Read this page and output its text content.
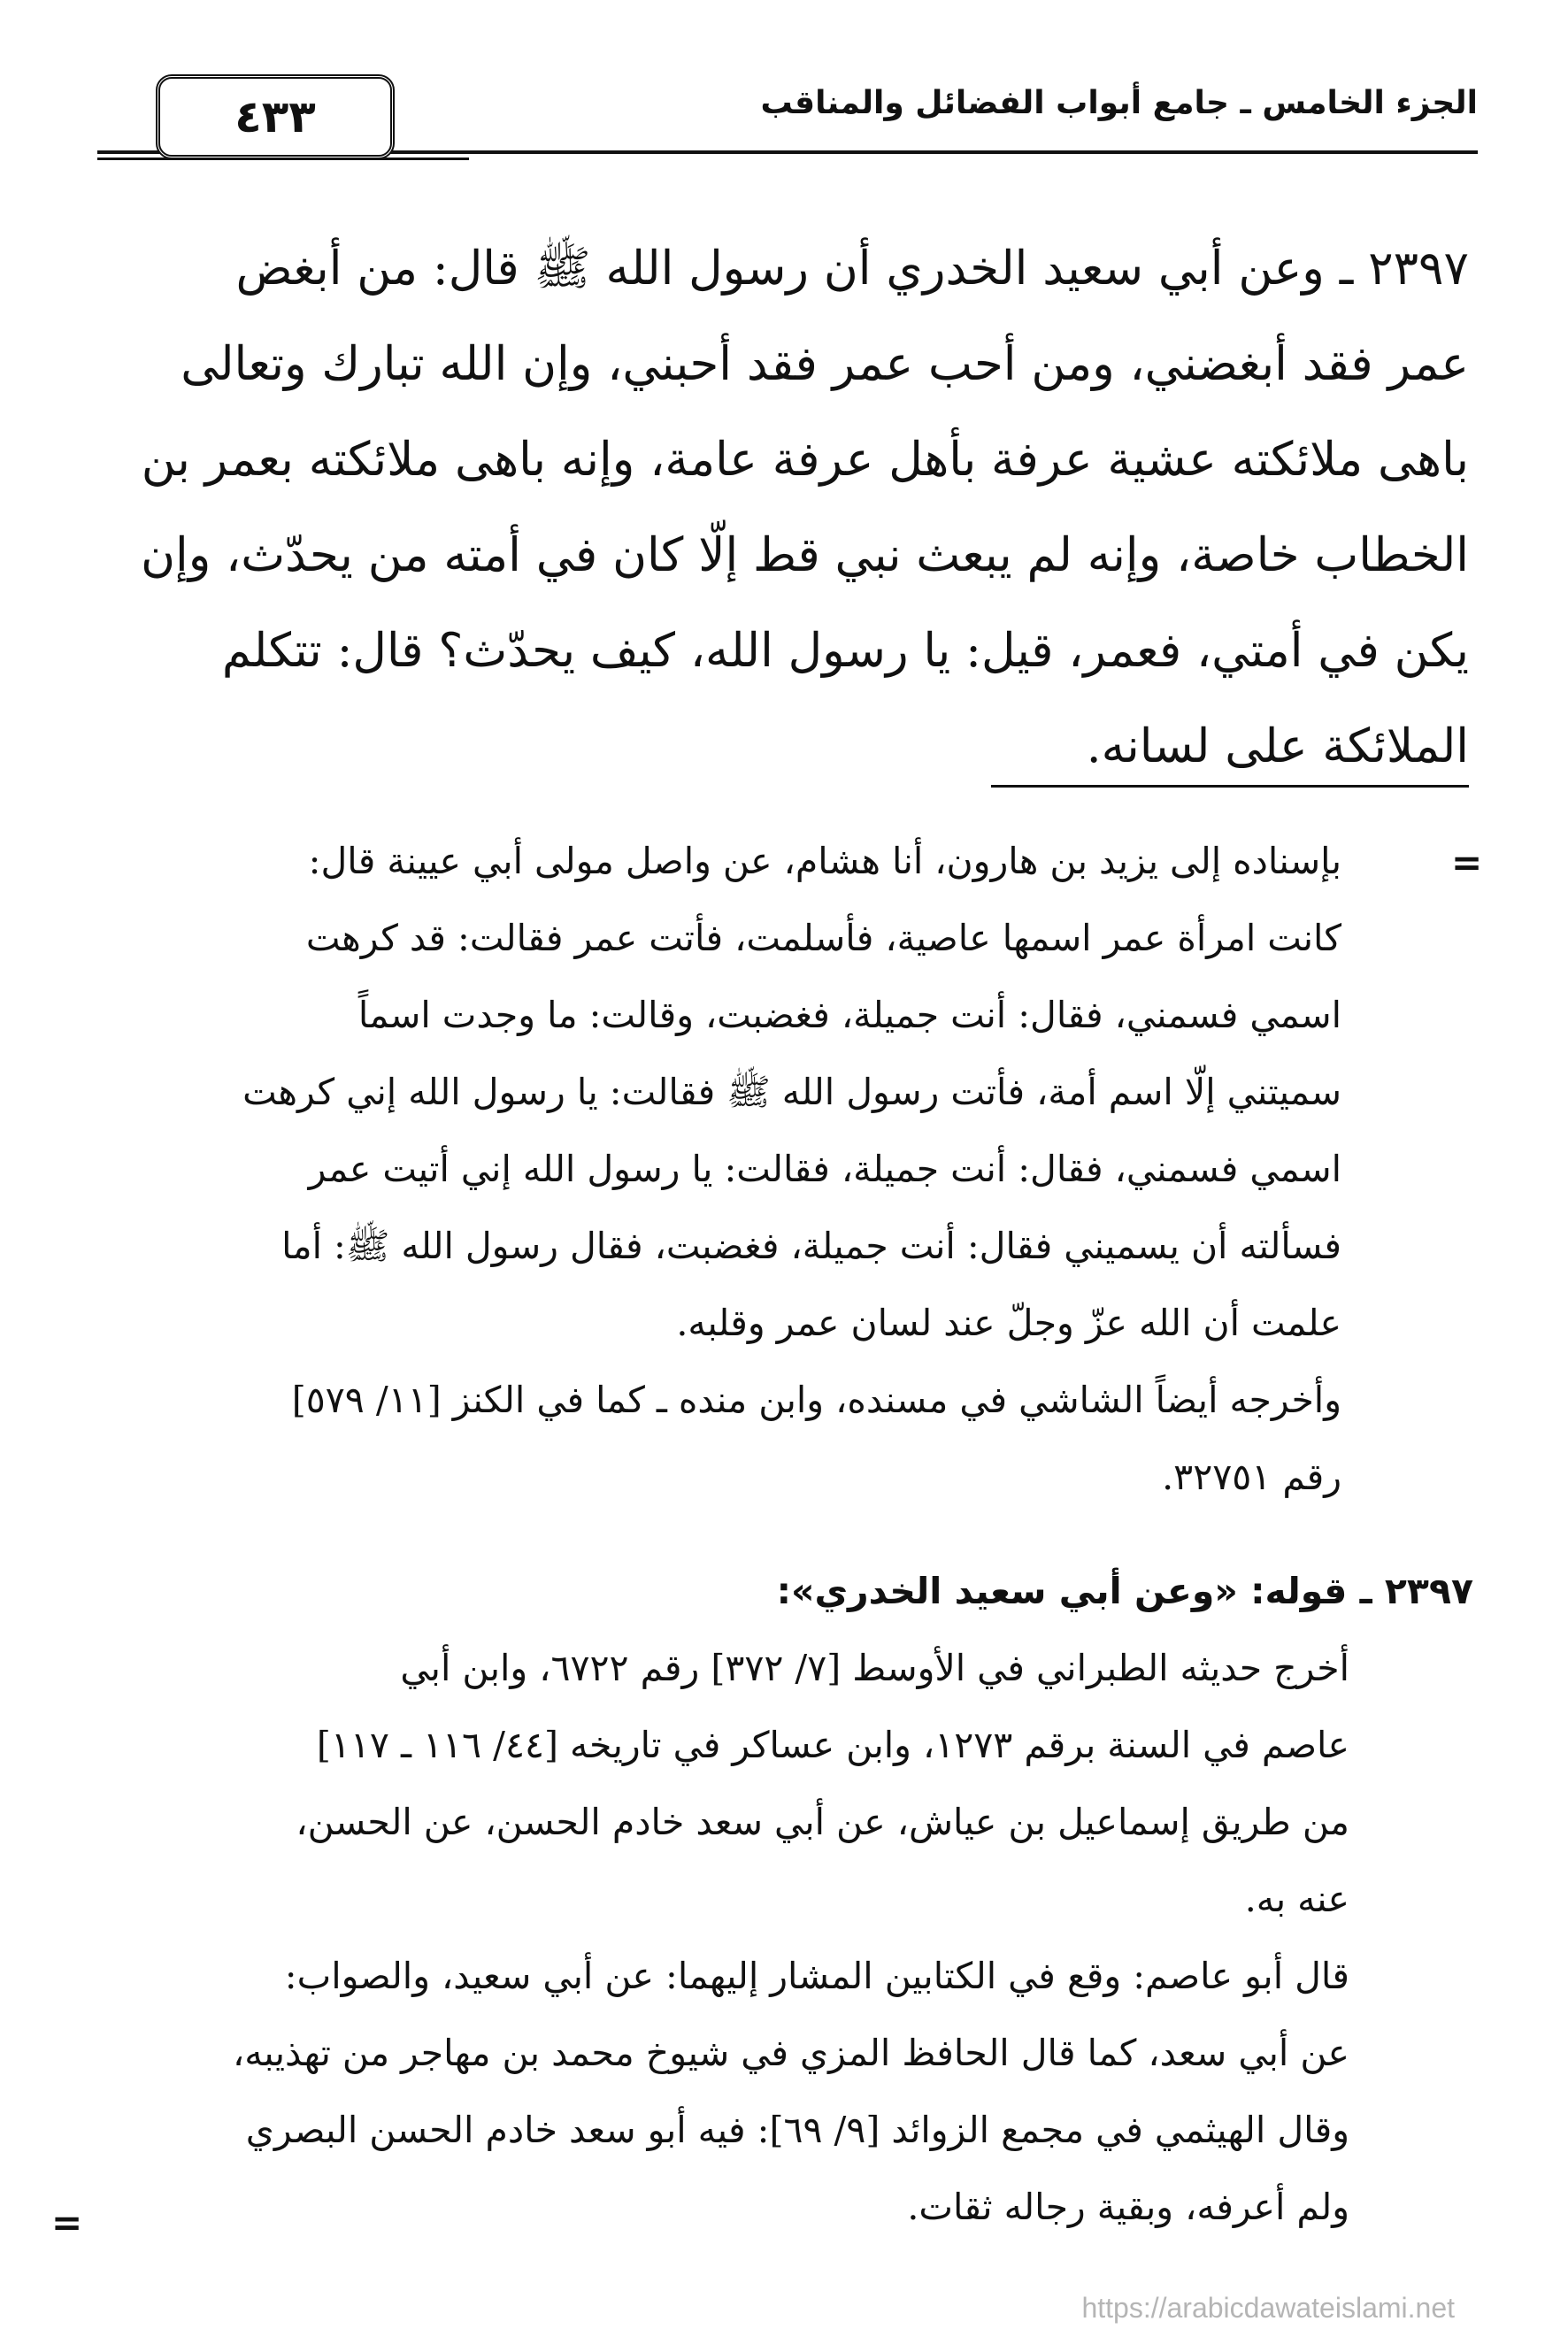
الجزء الخامس ـ جامع أبواب الفضائل والمناقب
٤٣٣
٢٣٩٧ ـ وعن أبي سعيد الخدري أن رسول الله ﷺ قال: من أبغض
عمر فقد أبغضني، ومن أحب عمر فقد أحبني، وإن الله تبارك وتعالى
باهى ملائكته عشية عرفة بأهل عرفة عامة، وإنه باهى ملائكته بعمر بن
الخطاب خاصة، وإنه لم يبعث نبي قط إلّا كان في أمته من يحدّث، وإن
يكن في أمتي، فعمر، قيل: يا رسول الله، كيف يحدّث؟ قال: تتكلم
الملائكة على لسانه.
=
بإسناده إلى يزيد بن هارون، أنا هشام، عن واصل مولى أبي عيينة قال:
كانت امرأة عمر اسمها عاصية، فأسلمت، فأتت عمر فقالت: قد كرهت
اسمي فسمني، فقال: أنت جميلة، فغضبت، وقالت: ما وجدت اسماً
سميتني إلّا اسم أمة، فأتت رسول الله ﷺ فقالت: يا رسول الله إني كرهت
اسمي فسمني، فقال: أنت جميلة، فقالت: يا رسول الله إني أتيت عمر
فسألته أن يسميني فقال: أنت جميلة، فغضبت، فقال رسول الله ﷺ: أما
علمت أن الله عزّ وجلّ عند لسان عمر وقلبه.
وأخرجه أيضاً الشاشي في مسنده، وابن منده ـ كما في الكنز [١١/ ٥٧٩]
رقم ٣٢٧٥١.
٢٣٩٧ ـ قوله: «وعن أبي سعيد الخدري»:
أخرج حديثه الطبراني في الأوسط [٧/ ٣٧٢] رقم ٦٧٢٢، وابن أبي
عاصم في السنة برقم ١٢٧٣، وابن عساكر في تاريخه [٤٤/ ١١٦ ـ ١١٧]
من طريق إسماعيل بن عياش، عن أبي سعد خادم الحسن، عن الحسن،
عنه به.
قال أبو عاصم: وقع في الكتابين المشار إليهما: عن أبي سعيد، والصواب:
عن أبي سعد، كما قال الحافظ المزي في شيوخ محمد بن مهاجر من تهذيبه،
وقال الهيثمي في مجمع الزوائد [٩/ ٦٩]: فيه أبو سعد خادم الحسن البصري
ولم أعرفه، وبقية رجاله ثقات.
=
https://arabicdawateislami.net
